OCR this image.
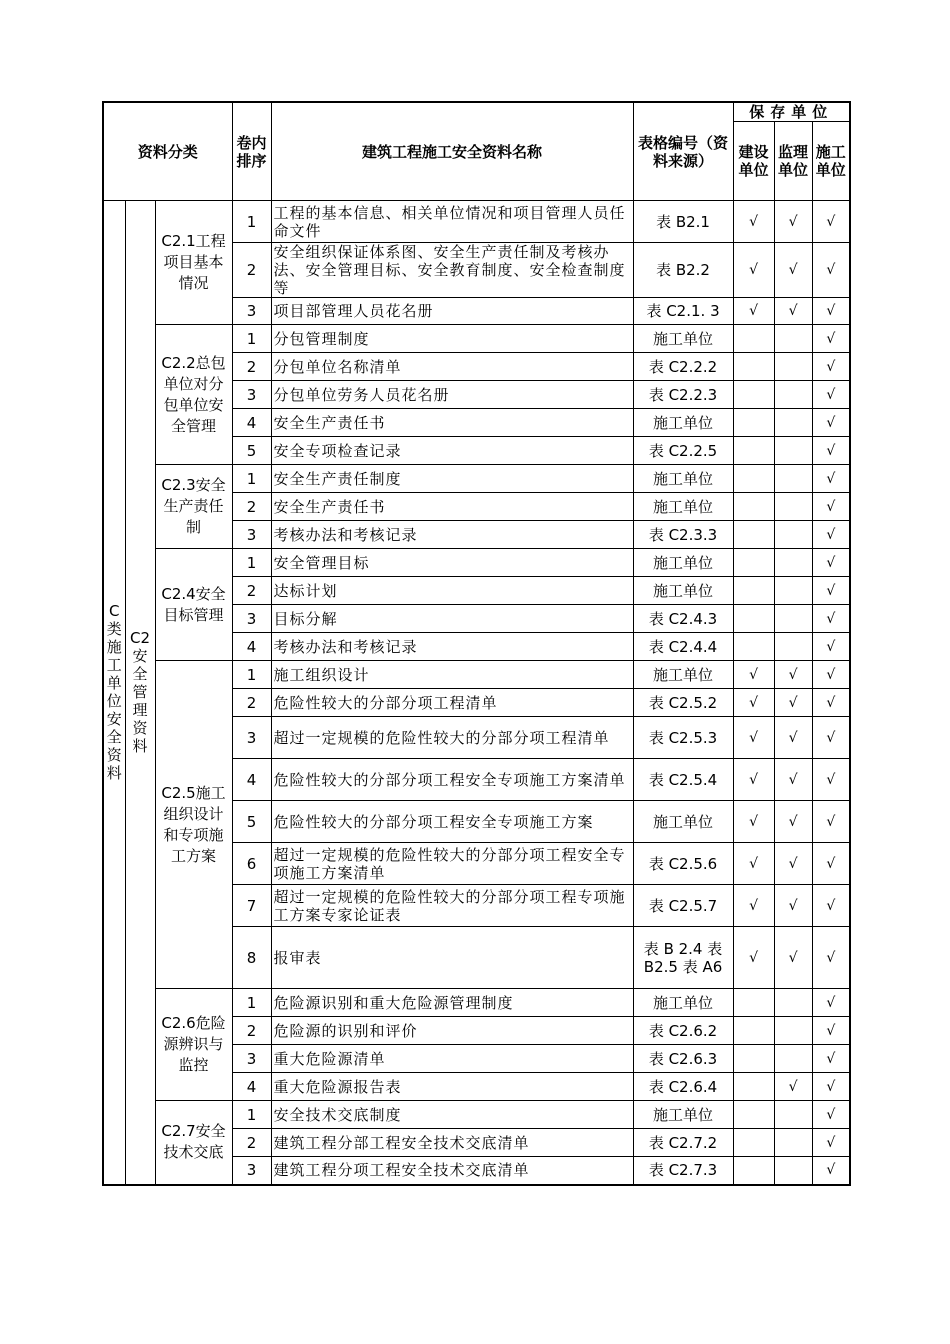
资料分类			卷内排序	建筑工程施工安全资料名称	表格编号（资料来源）	保存单位		
						建设单位	监理单位	施工单位
C类施工单位安全资料	C2安全管理资料	C2.1工程项目基本情况	1	工程的基本信息、相关单位情况和项目管理人员任命文件	表 B2.1	√	√	√
			2	安全组织保证体系图、安全生产责任制及考核办法、安全管理目标、安全教育制度、安全检查制度等	表 B2.2	√	√	√
			3	项目部管理人员花名册	表 C2.1. 3	√	√	√
		C2.2总包单位对分包单位安全管理	1	分包管理制度	施工单位			√
			2	分包单位名称清单	表 C2.2.2			√
			3	分包单位劳务人员花名册	表 C2.2.3			√
			4	安全生产责任书	施工单位			√
			5	安全专项检查记录	表 C2.2.5			√
		C2.3安全生产责任制	1	安全生产责任制度	施工单位			√
			2	安全生产责任书	施工单位			√
			3	考核办法和考核记录	表 C2.3.3			√
		C2.4安全目标管理	1	安全管理目标	施工单位			√
			2	达标计划	施工单位			√
			3	目标分解	表 C2.4.3			√
			4	考核办法和考核记录	表 C2.4.4			√
		C2.5施工组织设计和专项施工方案	1	施工组织设计	施工单位	√	√	√
			2	危险性较大的分部分项工程清单	表 C2.5.2	√	√	√
			3	超过一定规模的危险性较大的分部分项工程清单	表 C2.5.3	√	√	√
			4	危险性较大的分部分项工程安全专项施工方案清单	表 C2.5.4	√	√	√
			5	危险性较大的分部分项工程安全专项施工方案	施工单位	√	√	√
			6	超过一定规模的危险性较大的分部分项工程安全专项施工方案清单	表 C2.5.6	√	√	√
			7	超过一定规模的危险性较大的分部分项工程专项施工方案专家论证表	表 C2.5.7	√	√	√
			8	报审表	表 B 2.4 表 B2.5 表 A6	√	√	√
		C2.6危险源辨识与监控	1	危险源识别和重大危险源管理制度	施工单位			√
			2	危险源的识别和评价	表 C2.6.2			√
			3	重大危险源清单	表 C2.6.3			√
			4	重大危险源报告表	表 C2.6.4		√	√
		C2.7安全技术交底	1	安全技术交底制度	施工单位			√
			2	建筑工程分部工程安全技术交底清单	表 C2.7.2			√
			3	建筑工程分项工程安全技术交底清单	表 C2.7.3			√
